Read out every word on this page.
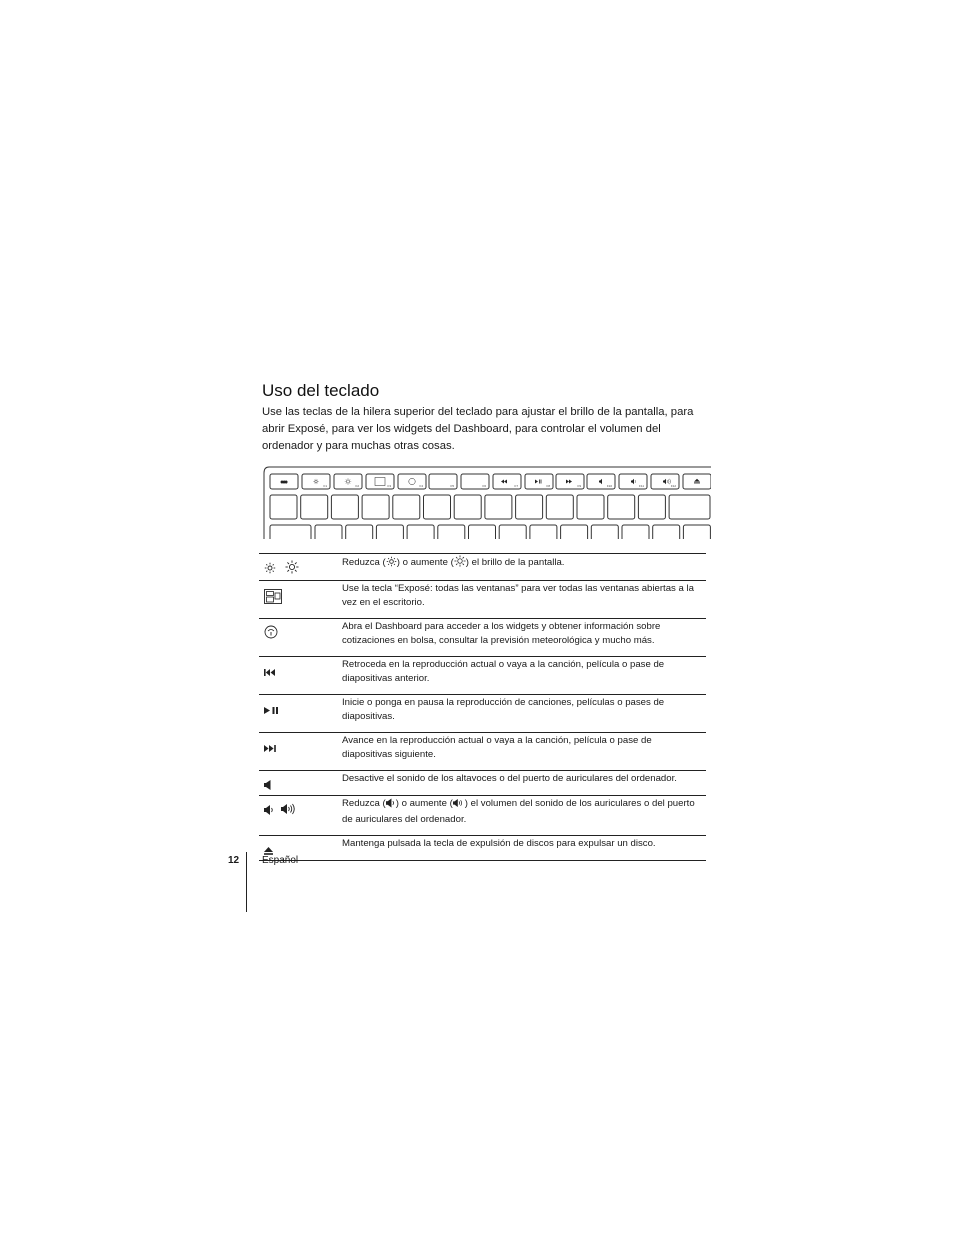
Uso del teclado

Use las teclas de la hilera superior del teclado para ajustar el brillo de la pantalla, para abrir Exposé, para ver los widgets del Dashboard, para controlar el volumen del ordenador y para muchas otras cosas.

esc
F1	F2	F3	F4	F5	F6	F7	F8	F9	F10	F11	F12
	Reduzca ( ) o aumente ( ) el brillo de la pantalla.
	Use la tecla “Exposé: todas las ventanas” para ver todas las ventanas abiertas a la vez en el escritorio.
	Abra el Dashboard para acceder a los widgets y obtener información sobre cotizaciones en bolsa, consultar la previsión meteorológica y mucho más.
	Retroceda en la reproducción actual o vaya a la canción, película o pase de diapositivas anterior.
	Inicie o ponga en pausa la reproducción de canciones, películas o pases de diapositivas.
	Avance en la reproducción actual o vaya a la canción, película o pase de diapositivas siguiente.
	Desactive el sonido de los altavoces o del puerto de auriculares del ordenador.
	Reduzca ( ) o aumente ( ) el volumen del sonido de los auriculares o del puerto de auriculares del ordenador.
	Mantenga pulsada la tecla de expulsión de discos para expulsar un disco.
12 Español
